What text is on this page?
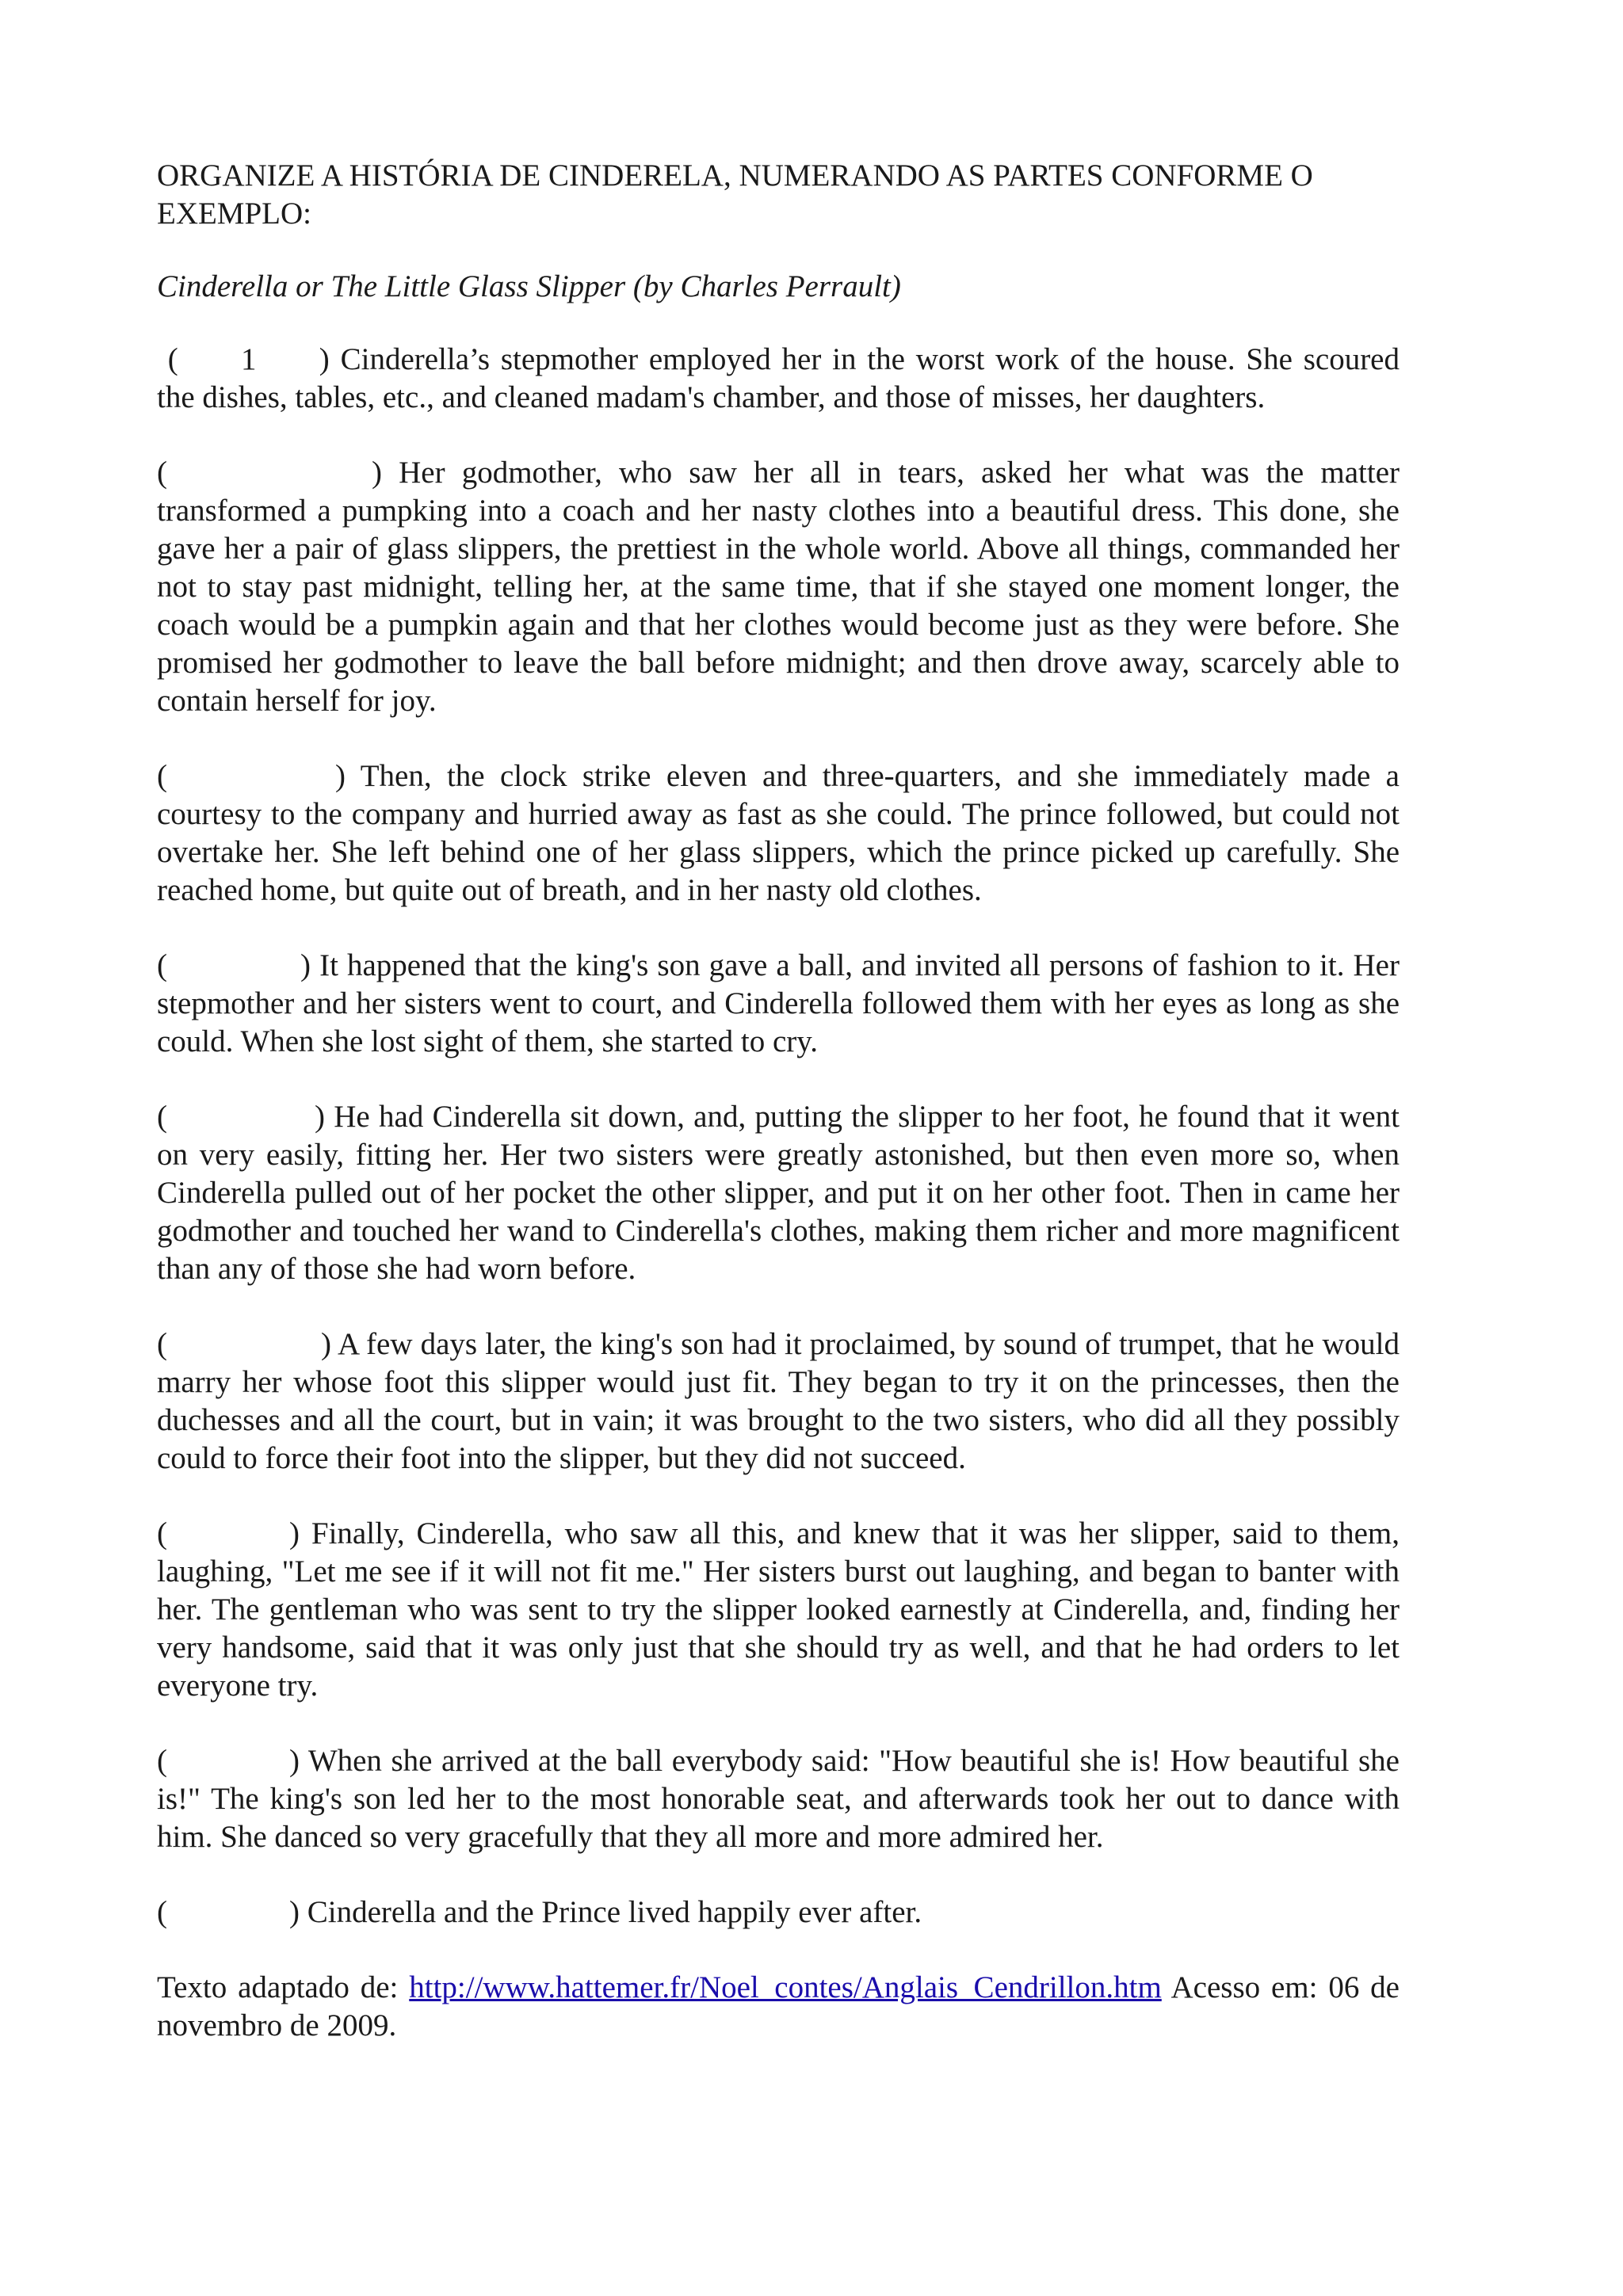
ORGANIZE A HISTÓRIA DE CINDERELA, NUMERANDO AS PARTES CONFORME O EXEMPLO:
Cinderella or The Little Glass Slipper (by Charles Perrault)

( 1 ) Cinderella’s stepmother employed her in the worst work of the house. She scoured the dishes, tables, etc., and cleaned madam's chamber, and those of misses, her daughters.

(	) Her godmother, who saw her all in tears, asked her what was the matter transformed a pumpking into a coach and her nasty clothes into a beautiful dress. This done, she gave her a pair of glass slippers, the prettiest in the whole world. Above all things, commanded her not to stay past midnight, telling her, at the same time, that if she stayed one moment longer, the coach would be a pumpkin again and that her clothes would become just as they were before. She promised her godmother to leave the ball before midnight; and then drove away, scarcely able to contain herself for joy.

(	) Then, the clock strike eleven and three-quarters, and she immediately made a courtesy to the company and hurried away as fast as she could. The prince followed, but could not overtake her. She left behind one of her glass slippers, which the prince picked up carefully. She reached home, but quite out of breath, and in her nasty old clothes.

(	) It happened that the king's son gave a ball, and invited all persons of fashion to it. Her stepmother and her sisters went to court, and Cinderella followed them with her eyes as long as she could. When she lost sight of them, she started to cry.

(	) He had Cinderella sit down, and, putting the slipper to her foot, he found that it went on very easily, fitting her. Her two sisters were greatly astonished, but then even more so, when Cinderella pulled out of her pocket the other slipper, and put it on her other foot. Then in came her godmother and touched her wand to Cinderella's clothes, making them richer and more magnificent than any of those she had worn before.

(	) A few days later, the king's son had it proclaimed, by sound of trumpet, that he would marry her whose foot this slipper would just fit. They began to try it on the princesses, then the duchesses and all the court, but in vain; it was brought to the two sisters, who did all they possibly could to force their foot into the slipper, but they did not succeed.

(	) Finally, Cinderella, who saw all this, and knew that it was her slipper, said to them, laughing, "Let me see if it will not fit me." Her sisters burst out laughing, and began to banter with her. The gentleman who was sent to try the slipper looked earnestly at Cinderella, and, finding her very handsome, said that it was only just that she should try as well, and that he had orders to let everyone try.

(	) When she arrived at the ball everybody said: "How beautiful she is! How beautiful she is!" The king's son led her to the most honorable seat, and afterwards took her out to dance with him. She danced so very gracefully that they all more and more admired her.

(	) Cinderella and the Prince lived happily ever after.

Texto adaptado de: http://www.hattemer.fr/Noel_contes/Anglais_Cendrillon.htm Acesso em: 06 de novembro de 2009.
